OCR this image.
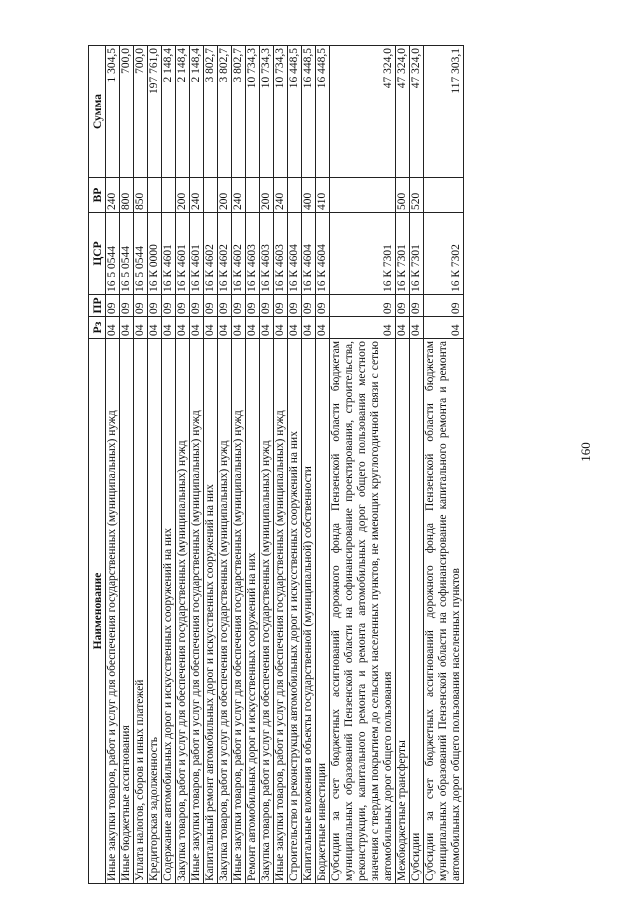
160
Наименование	Рз	ПР	ЦСР	ВР	Сумма
Иные закупки товаров, работ и услуг для обеспечения государственных (муниципальных) нужд	04	09	16 5 0544	240	1 304,5
Иные бюджетные ассигнования	04	09	16 5 0544	800	700,0
Уплата налогов, сборов и иных платежей	04	09	16 5 0544	850	700,0
Кредиторская задолженность	04	09	16 К 0000		197 761,0
Содержание автомобильных дорог и искусственных сооружений на них	04	09	16 К 4601		2 148,4
Закупка товаров, работ и услуг для обеспечения государственных (муниципальных) нужд	04	09	16 К 4601	200	2 148,4
Иные закупки товаров, работ и услуг для обеспечения государственных (муниципальных) нужд	04	09	16 К 4601	240	2 148,4
Капитальный ремонт автомобильных дорог и искусственных сооружений на них	04	09	16 К 4602		3 802,7
Закупка товаров, работ и услуг для обеспечения государственных (муниципальных) нужд	04	09	16 К 4602	200	3 802,7
Иные закупки товаров, работ и услуг для обеспечения государственных (муниципальных) нужд	04	09	16 К 4602	240	3 802,7
Ремонт автомобильных дорог и искусственных сооружений на них	04	09	16 К 4603		10 734,3
Закупка товаров, работ и услуг для обеспечения государственных (муниципальных) нужд	04	09	16 К 4603	200	10 734,3
Иные закупки товаров, работ и услуг для обеспечения государственных (муниципальных) нужд	04	09	16 К 4603	240	10 734,3
Строительство и реконструкция автомобильных дорог и искусственных сооружений на них	04	09	16 К 4604		16 448,5
Капитальные вложения в объекты государственной (муниципальной) собственности	04	09	16 К 4604	400	16 448,5
Бюджетные инвестиции	04	09	16 К 4604	410	16 448,5
Субсидии за счет бюджетных ассигнований дорожного фонда Пензенской области бюджетам муниципальных образований Пензенской области на софинансирование проектирования, строительства, реконструкции, капитального ремонта и ремонта автомобильных дорог общего пользования местного значения с твердым покрытием до сельских населенных пунктов, не имеющих круглогодичной связи с сетью автомобильных дорог общего пользования	04	09	16 К 7301		47 324,0
Межбюджетные трансферты	04	09	16 К 7301	500	47 324,0
Субсидии	04	09	16 К 7301	520	47 324,0
Субсидии за счет бюджетных ассигнований дорожного фонда Пензенской области бюджетам муниципальных образований Пензенской области на софинансирование капитального ремонта и ремонта автомобильных дорог общего пользования населенных пунктов	04	09	16 К 7302		117 303,1
